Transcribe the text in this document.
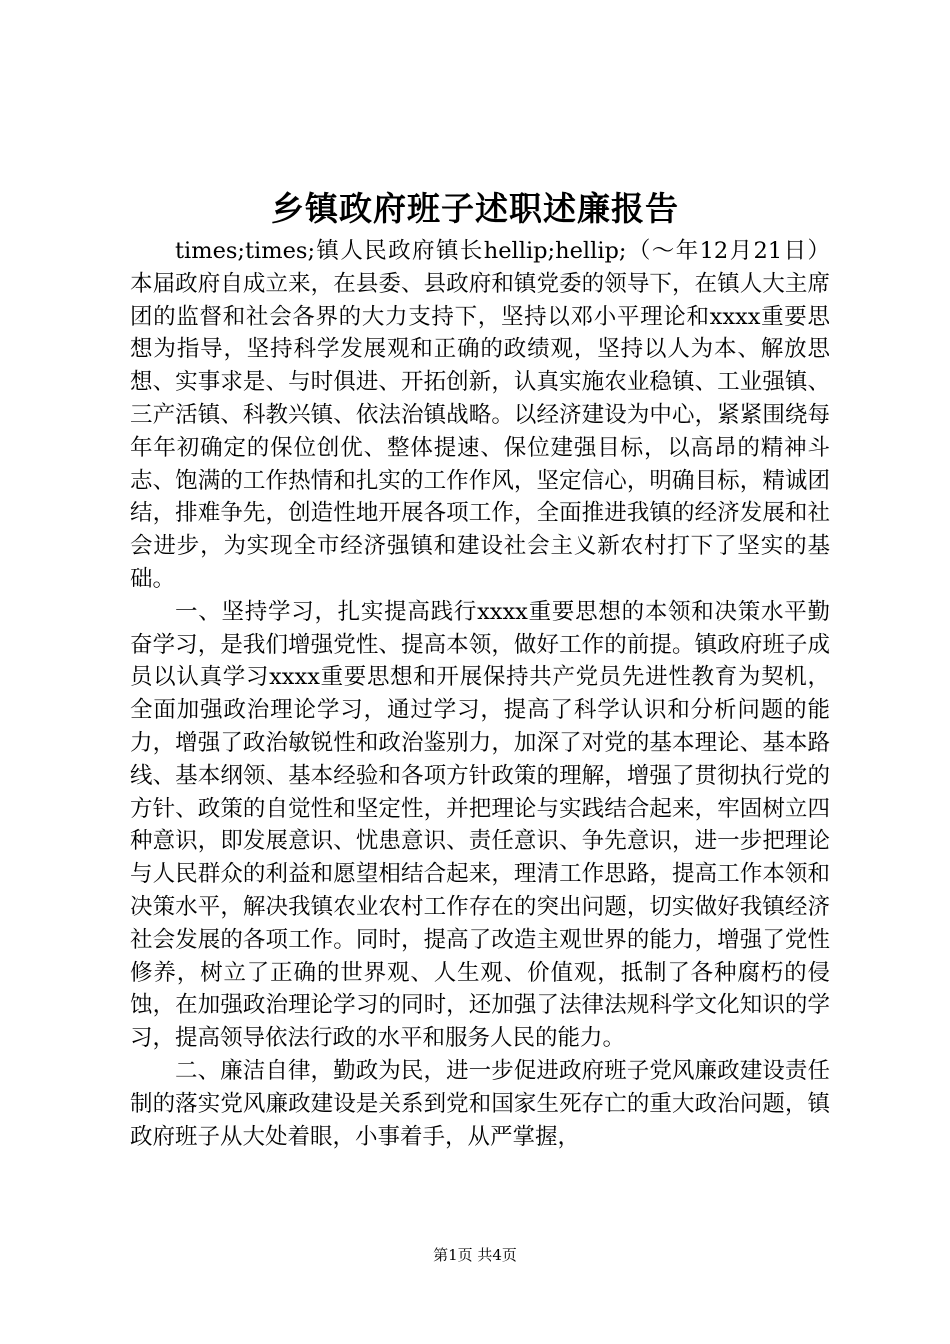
乡镇政府班子述职述廉报告

times;times;镇人民政府镇长hellip;hellip;（～年12月21日）本届政府自成立来，在县委、县政府和镇党委的领导下，在镇人大主席团的监督和社会各界的大力支持下，坚持以邓小平理论和xxxx重要思想为指导，坚持科学发展观和正确的政绩观，坚持以人为本、解放思想、实事求是、与时俱进、开拓创新，认真实施农业稳镇、工业强镇、三产活镇、科教兴镇、依法治镇战略。以经济建设为中心，紧紧围绕每年年初确定的保位创优、整体提速、保位建强目标，以高昂的精神斗志、饱满的工作热情和扎实的工作作风，坚定信心，明确目标，精诚团结，排难争先，创造性地开展各项工作，全面推进我镇的经济发展和社会进步，为实现全市经济强镇和建设社会主义新农村打下了坚实的基础。

一、坚持学习，扎实提高践行xxxx重要思想的本领和决策水平勤奋学习，是我们增强党性、提高本领，做好工作的前提。镇政府班子成员以认真学习xxxx重要思想和开展保持共产党员先进性教育为契机，全面加强政治理论学习，通过学习，提高了科学认识和分析问题的能力，增强了政治敏锐性和政治鉴别力，加深了对党的基本理论、基本路线、基本纲领、基本经验和各项方针政策的理解，增强了贯彻执行党的方针、政策的自觉性和坚定性，并把理论与实践结合起来，牢固树立四种意识，即发展意识、忧患意识、责任意识、争先意识，进一步把理论与人民群众的利益和愿望相结合起来，理清工作思路，提高工作本领和决策水平，解决我镇农业农村工作存在的突出问题，切实做好我镇经济社会发展的各项工作。同时，提高了改造主观世界的能力，增强了党性修养，树立了正确的世界观、人生观、价值观，抵制了各种腐朽的侵蚀，在加强政治理论学习的同时，还加强了法律法规科学文化知识的学习，提高领导依法行政的水平和服务人民的能力。

二、廉洁自律，勤政为民，进一步促进政府班子党风廉政建设责任制的落实党风廉政建设是关系到党和国家生死存亡的重大政治问题，镇政府班子从大处着眼，小事着手，从严掌握，

第1页 共4页
